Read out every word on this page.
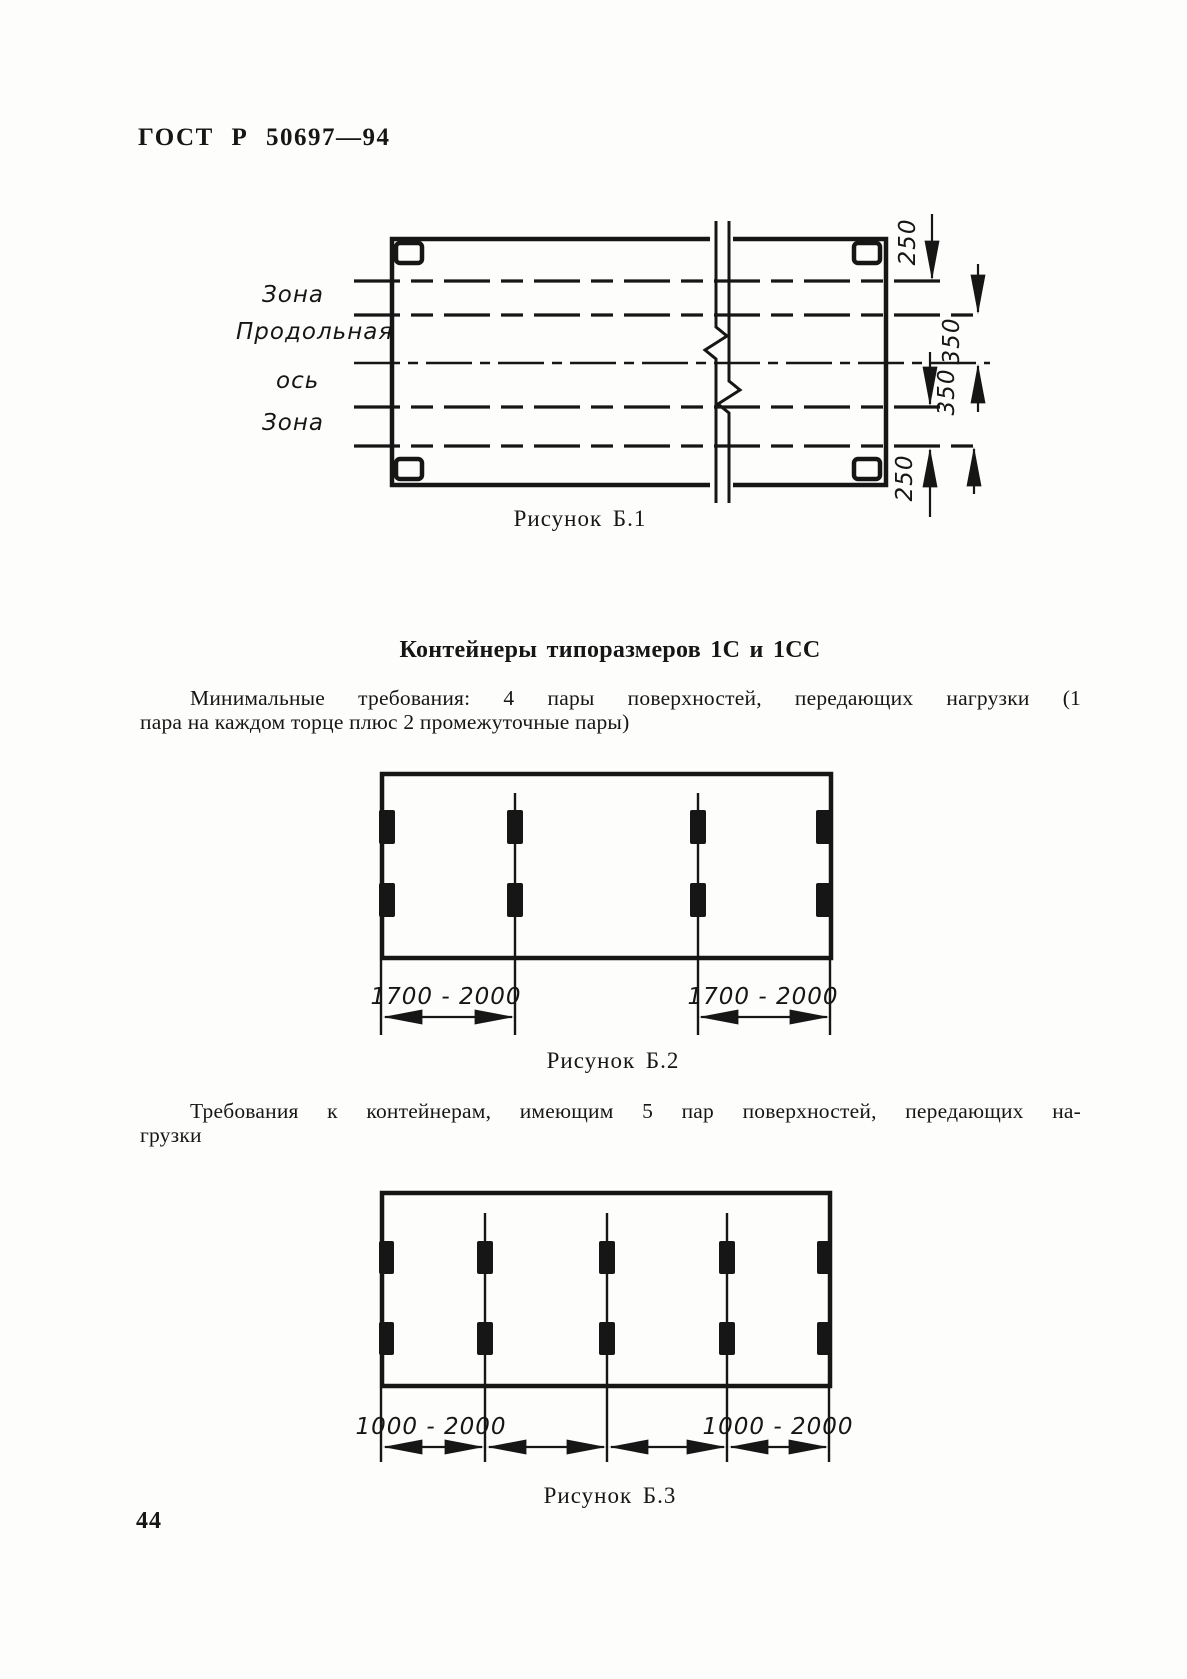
ГОСТ Р 50697—94
Зона
Продольная
ось
Зона
250
350
350
250
Рисунок Б.1
Контейнеры типоразмеров 1С и 1СС
Минимальные требования: 4 пары поверхностей, передающих нагрузки (1
пара на каждом торце плюс 2 промежуточные пары)
1700 - 2000	1700 - 2000
Рисунок Б.2
Требования к контейнерам, имеющим 5 пар поверхностей, передающих на-
грузки
1000 - 2000	1000 - 2000
Рисунок Б.3
44
